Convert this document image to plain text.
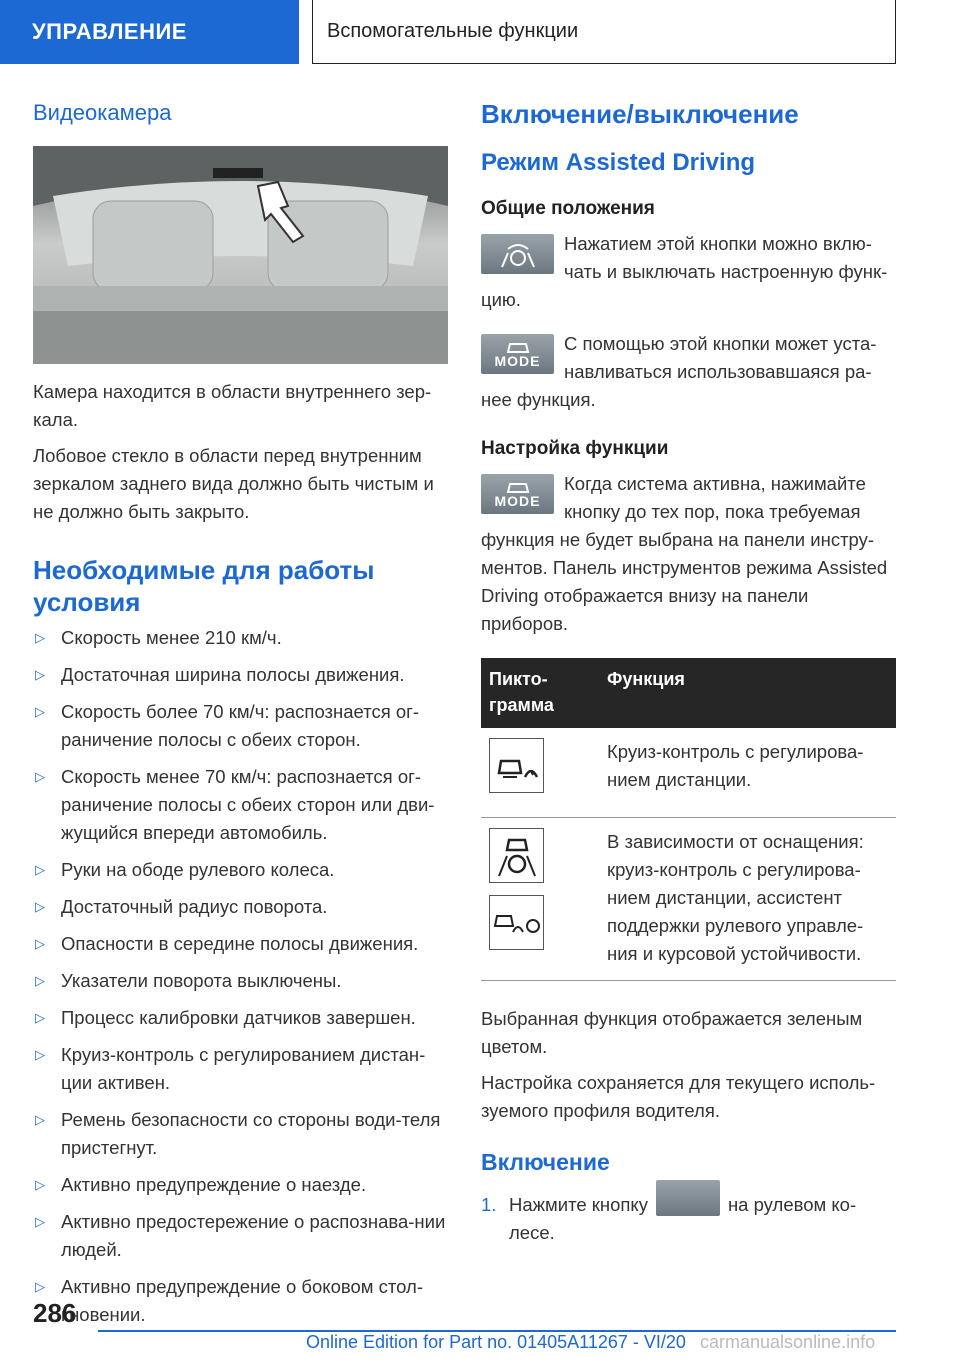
УПРАВЛЕНИЕ	Вспомогательные функции
Видеокамера
Камера находится в области внутреннего зер‐кала.
Лобовое стекло в области перед внутренним зеркалом заднего вида должно быть чистым и не должно быть закрыто.
Необходимые для работы условия
▷ Скорость менее 210 км/ч.
▷ Достаточная ширина полосы движения.
▷ Скорость более 70 км/ч: распознается ог‐раничение полосы с обеих сторон.
▷ Скорость менее 70 км/ч: распознается ог‐раничение полосы с обеих сторон или дви‐жущийся впереди автомобиль.
▷ Руки на ободе рулевого колеса.
▷ Достаточный радиус поворота.
▷ Опасности в середине полосы движения.
▷ Указатели поворота выключены.
▷ Процесс калибровки датчиков завершен.
▷ Круиз-контроль с регулированием дистан‐ции активен.
▷ Ремень безопасности со стороны води‐теля пристегнут.
▷ Активно предупреждение о наезде.
▷ Активно предостережение о распознава‐нии людей.
▷ Активно предупреждение о боковом стол‐кновении.
Включение/выключение
Режим Assisted Driving
Общие положения
Нажатием этой кнопки можно вклю‐чать и выключать настроенную функ‐цию.
MODE
С помощью этой кнопки может уста‐навливаться использовавшаяся ра‐нее функция.
Настройка функции
MODE
Когда система активна, нажимайте кнопку до тех пор, пока требуемая функция не будет выбрана на панели инстру‐ментов. Панель инструментов режима Assisted Driving отображается внизу на панели приборов.
Пикто-грамма	Функция

	Круиз-контроль с регулирова‐нием дистанции.

	В зависимости от оснащения: круиз-контроль с регулирова‐нием дистанции, ассистент поддержки рулевого управле‐ния и курсовой устойчивости.
Выбранная функция отображается зеленым цветом.
Настройка сохраняется для текущего исполь‐зуемого профиля водителя.
Включение
1. Нажмите кнопку	на рулевом ко‐лесе.
286
Online Edition for Part no. 01405A11267 - VI/20 carmanualsonline.info
